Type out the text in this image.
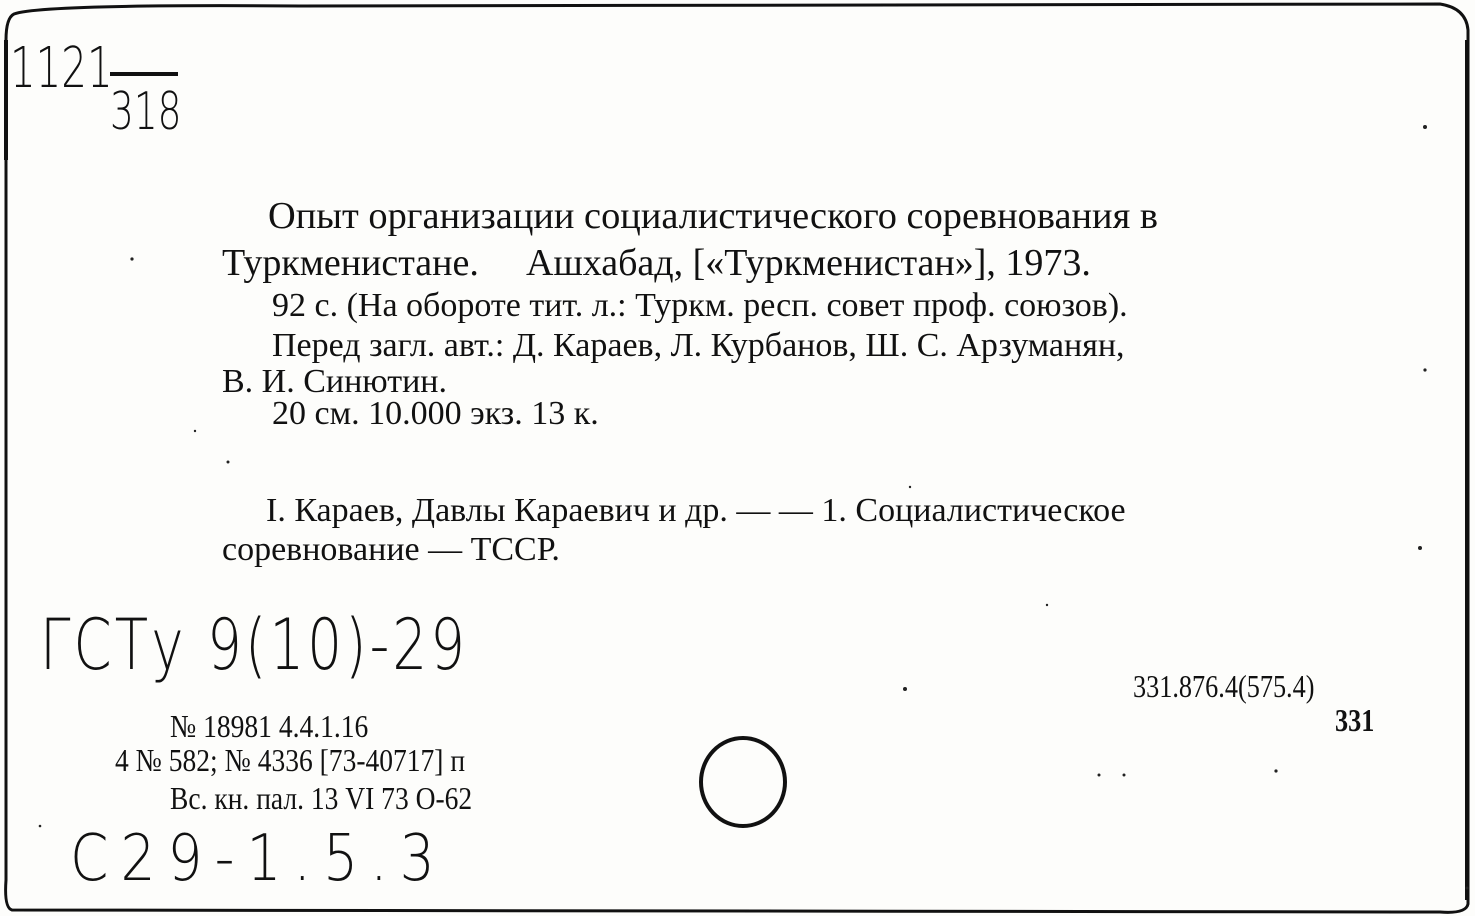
1121
318
Опыт организации социалистического соревнования в
Туркменистане. Ашхабад, [«Туркменистан»], 1973.
92 с. (На обороте тит. л.: Туркм. респ. совет проф. союзов).
Перед загл. авт.: Д. Караев, Л. Курбанов, Ш. С. Арзуманян,
В. И. Синютин.
20 см. 10.000 экз. 13 к.
I. Караев, Давлы Караевич и др. — — 1. Социалистическое
соревнование — ТССР.
ГСТу 9(10)-29	331.876.4(575.4)
331
№ 18981 4.4.1.16
4 № 582; № 4336 [73-40717] п
Вс. кн. пал. 13 VI 73 О-62
С29-1.5.3
